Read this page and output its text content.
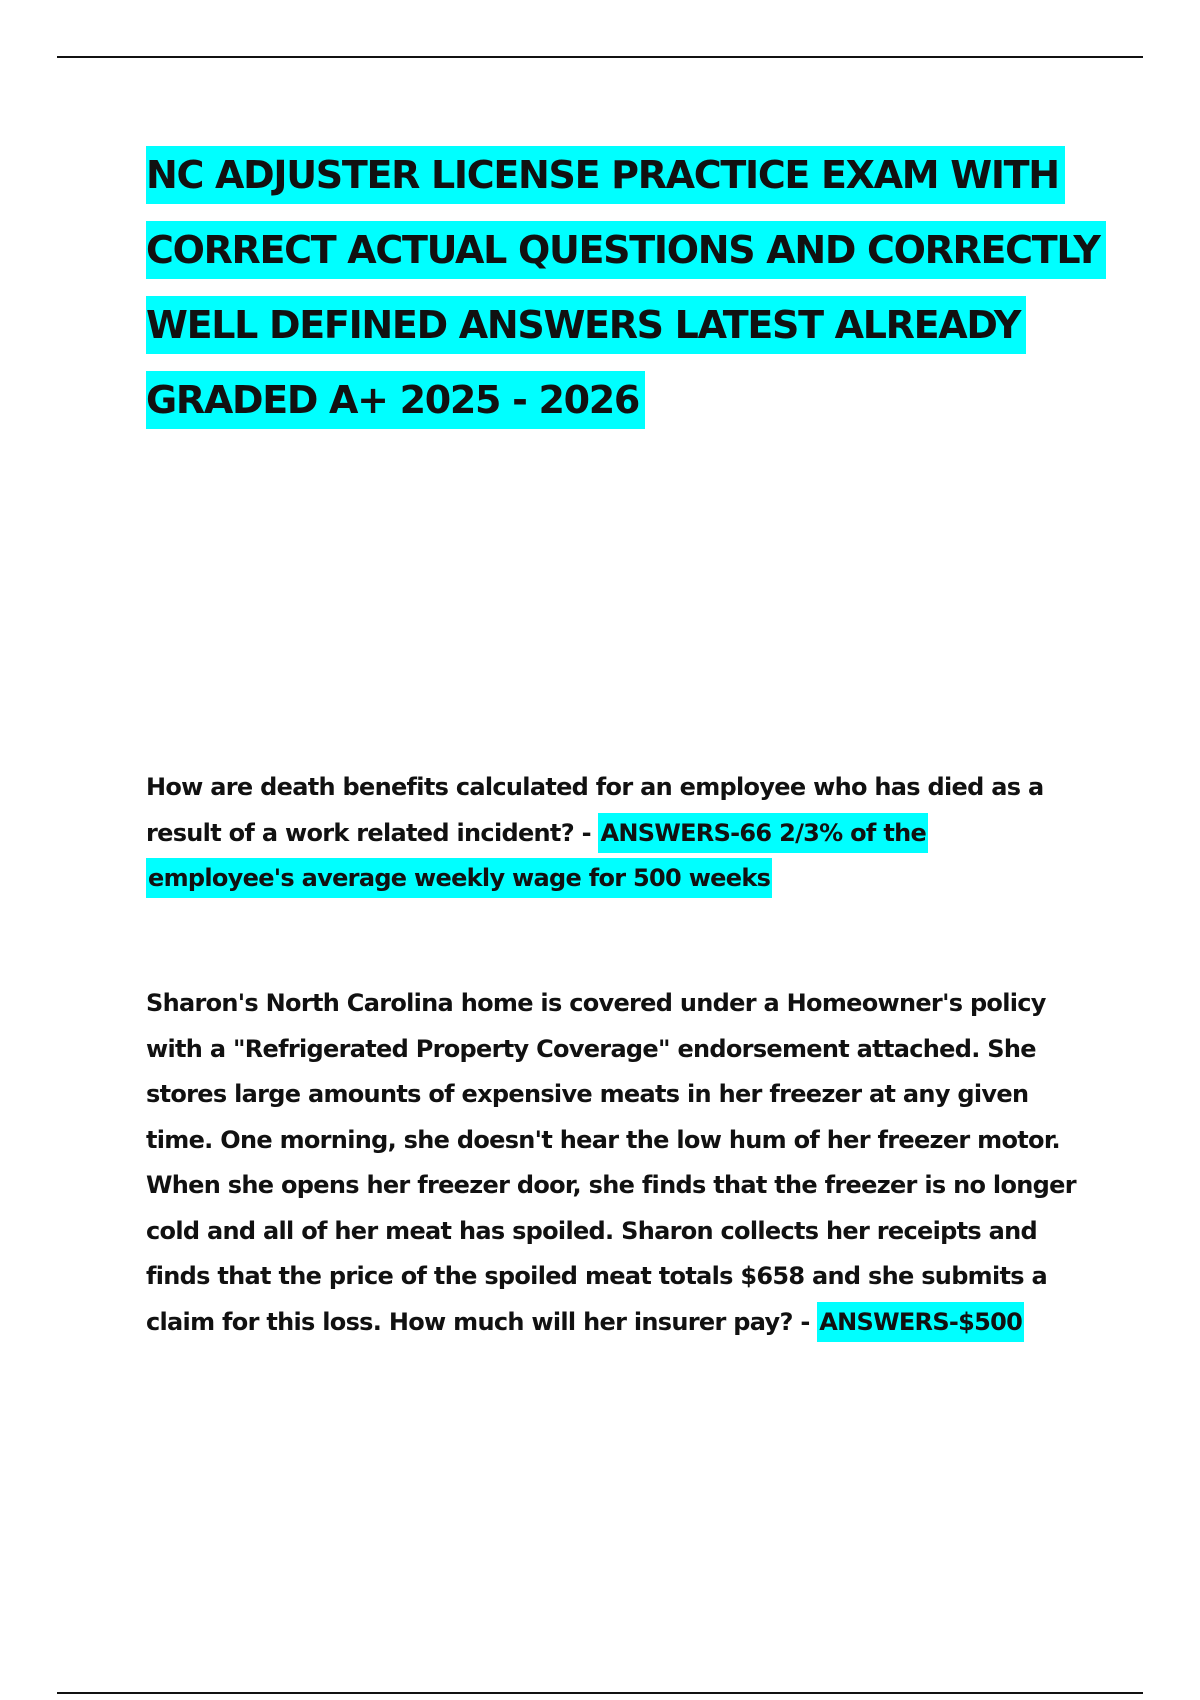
NC ADJUSTER LICENSE PRACTICE EXAM WITH CORRECT ACTUAL QUESTIONS AND CORRECTLY WELL DEFINED ANSWERS LATEST ALREADY GRADED A+ 2025 - 2026

How are death benefits calculated for an employee who has died as a result of a work related incident? - ANSWERS-66 2/3% of the employee's average weekly wage for 500 weeks

Sharon's North Carolina home is covered under a Homeowner's policy with a "Refrigerated Property Coverage" endorsement attached. She stores large amounts of expensive meats in her freezer at any given time. One morning, she doesn't hear the low hum of her freezer motor. When she opens her freezer door, she finds that the freezer is no longer cold and all of her meat has spoiled. Sharon collects her receipts and finds that the price of the spoiled meat totals $658 and she submits a claim for this loss. How much will her insurer pay? - ANSWERS-$500
